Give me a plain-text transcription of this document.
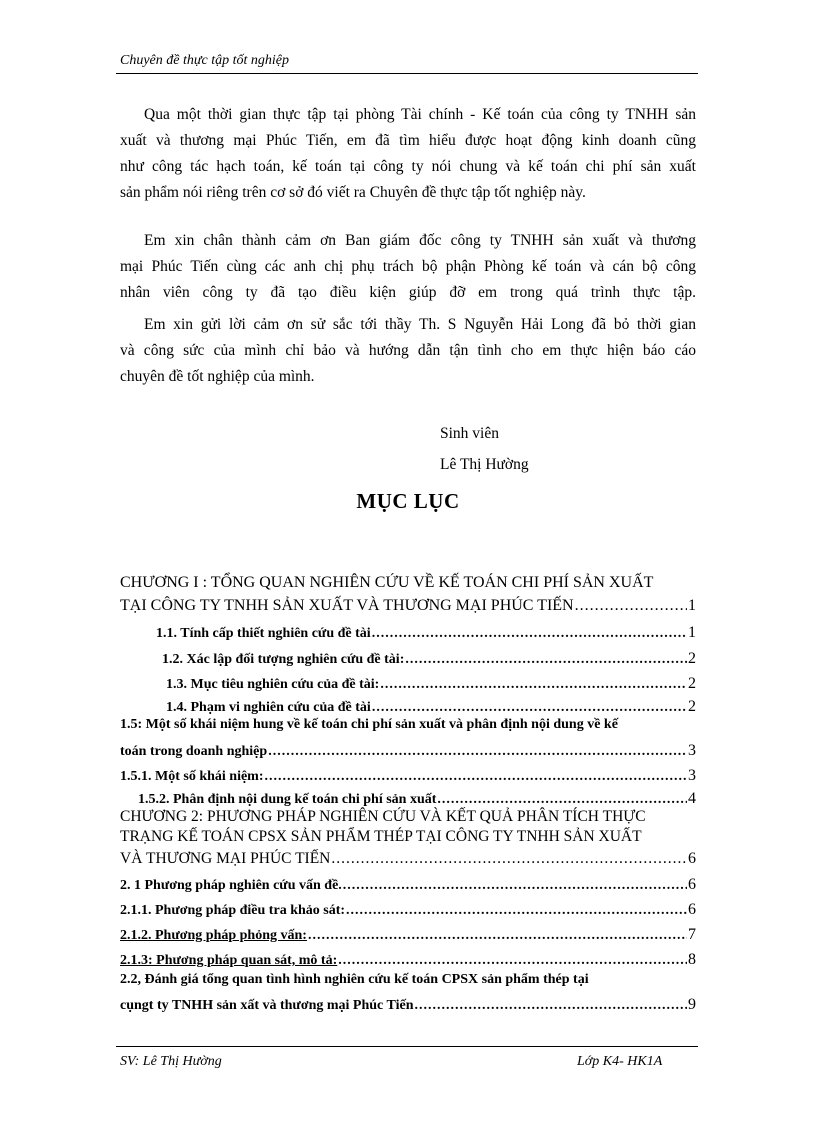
Chuyên đề thực tập tốt nghiệp
Qua một thời gian thực tập tại phòng Tài chính - Kế toán của công ty TNHH sản
xuất và thương mại Phúc Tiến, em đã tìm hiểu được hoạt động kinh doanh cũng
như công tác hạch toán, kế toán tại công ty nói chung và kế toán chi phí sản xuất
sản phẩm nói riêng trên cơ sở đó viết ra Chuyên đề thực tập tốt nghiệp này.
Em xin chân thành cảm ơn Ban giám đốc công ty TNHH sản xuất và thương
mại Phúc Tiến cùng các anh chị phụ trách bộ phận Phòng kế toán và cán bộ công
nhân viên công ty đã tạo điều kiện giúp đỡ em trong quá trình thực tập.
Em xin gửi lời cảm ơn sử sắc tới thầy Th. S Nguyễn Hải Long đã bỏ thời gian
và công sức của mình chỉ bảo và hướng dẫn tận tình cho em thực hiện báo cáo
chuyên đề tốt nghiệp của mình.
Sinh viên
Lê Thị Hường
MỤC LỤC
CHƯƠNG I : TỔNG QUAN NGHIÊN CỨU VỀ KẾ TOÁN CHI PHÍ SẢN XUẤT
TẠI CÔNG TY TNHH SẢN XUẤT VÀ THƯƠNG MẠI PHÚC TIẾN .....	1
1.1. Tính cấp thiết nghiên cứu đề tài .....	1
1.2. Xác lập đối tượng nghiên cứu đề tài: .....	2
1.3. Mục tiêu nghiên cứu của đề tài: .....	2
1.4. Phạm vi nghiên cứu của đề tài .....	2
1.5: Một số khái niệm hung về kế toán chi phí sản xuất và phân định nội dung về kế
toán trong doanh nghiệp .....	3
1.5.1. Một số khái niệm: .....	3
1.5.2. Phân định nội dung kế toán chi phí sản xuất .....	4
CHƯƠNG 2: PHƯƠNG PHÁP NGHIÊN CỨU VÀ KẾT QUẢ PHÂN TÍCH THỰC
TRẠNG KẾ TOÁN CPSX SẢN PHẨM THÉP TẠI CÔNG TY TNHH SẢN XUẤT
VÀ THƯƠNG MẠI PHÚC TIẾN .....	6
2. 1 Phương pháp nghiên cứu vấn đề. .....	6
2.1.1. Phương pháp điều tra khảo sát: .....	6
2.1.2. Phương pháp phỏng vấn: .....	7
2.1.3: Phương pháp quan sát, mô tả: .....	8
2.2, Đánh giá tổng quan tình hình nghiên cứu kế toán CPSX sản phẩm thép tại
cụngt ty TNHH sản xất và thương mại Phúc Tiến .....	9
SV: Lê Thị Hường	Lớp K4- HK1A
